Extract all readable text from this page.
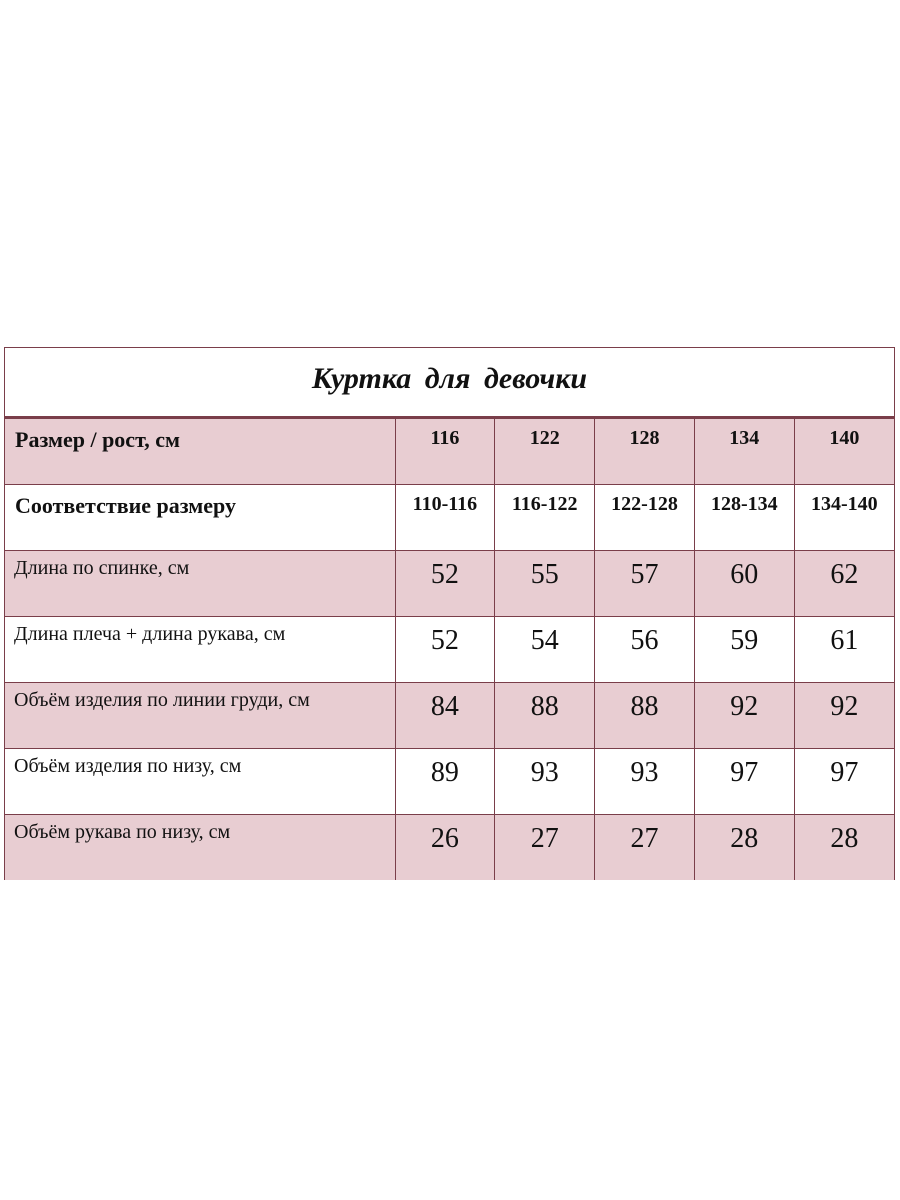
Куртка для девочки
Размер / рост, см	116	122	128	134	140
Соответствие размеру	110-116	116-122	122-128	128-134	134-140
Длина по спинке, см	52	55	57	60	62
Длина плеча + длина рукава, см	52	54	56	59	61
Объём изделия по линии груди, см	84	88	88	92	92
Объём изделия по низу, см	89	93	93	97	97
Объём рукава по низу, см	26	27	27	28	28
